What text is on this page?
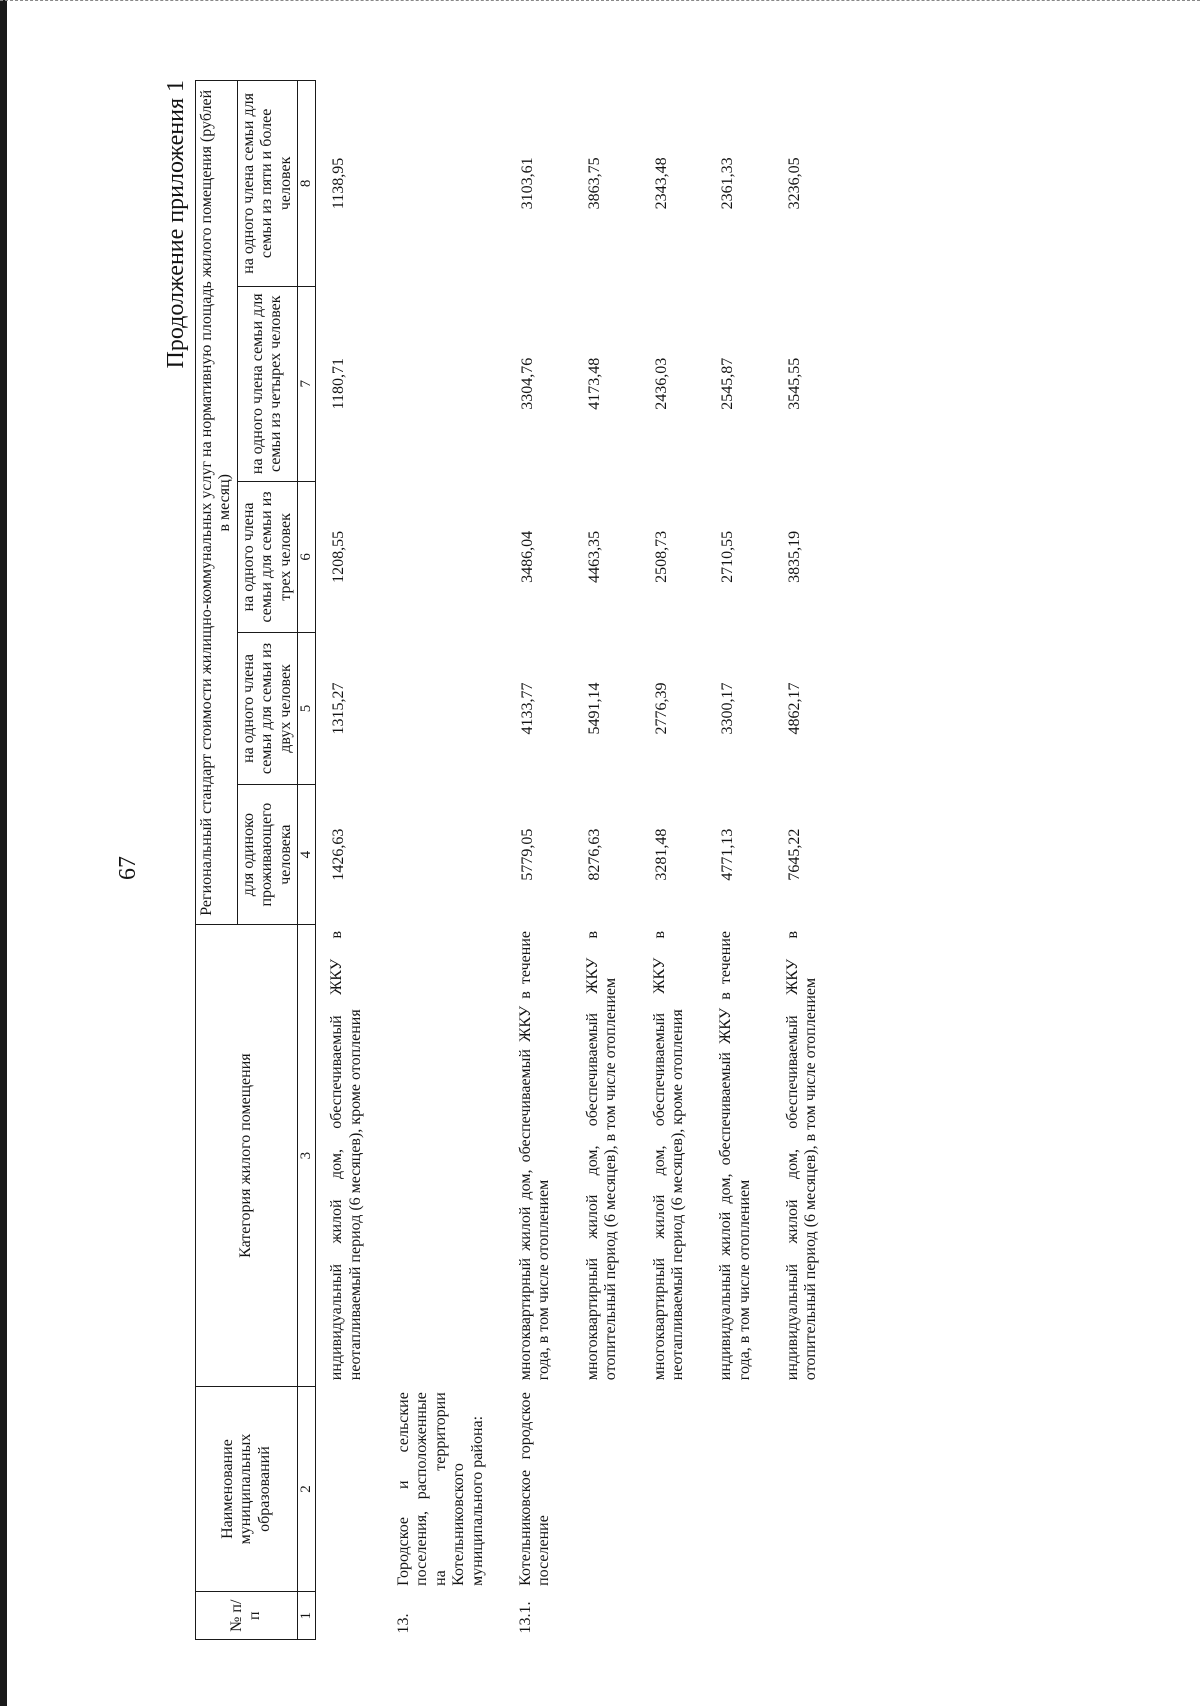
67
Продолжение приложения 1
№ п/п	Наименование муниципальных образований	Категория жилого помещения	Региональный стандарт стоимости жилищно-коммунальных услуг на нормативную площадь жилого помещения (рублей в месяц)				
			для одиноко проживающего человека	на одного члена семьи для семьи из двух человек	на одного члена семьи для семьи из трех человек	на одного члена семьи для семьи из четырех человек	на одного члена семьи для семьи из пяти и более человек
1	2	3	4	5	6	7	8
		индивидуальный жилой дом, обеспечиваемый ЖКУ в неотапливаемый период (6 месяцев), кроме отопления	1426,63	1315,27	1208,55	1180,71	1138,95
13.	Городское и сельские поселения, расположенные на территории Котельниковского муниципального района:						
13.1.	Котельниковское городское поселение	многоквартирный жилой дом, обеспечиваемый ЖКУ в течение года, в том числе отоплением	5779,05	4133,77	3486,04	3304,76	3103,61
		многоквартирный жилой дом, обеспечиваемый ЖКУ в отопительный период (6 месяцев), в том числе отоплением	8276,63	5491,14	4463,35	4173,48	3863,75
		многоквартирный жилой дом, обеспечиваемый ЖКУ в неотапливаемый период (6 месяцев), кроме отопления	3281,48	2776,39	2508,73	2436,03	2343,48
		индивидуальный жилой дом, обеспечиваемый ЖКУ в течение года, в том числе отоплением	4771,13	3300,17	2710,55	2545,87	2361,33
		индивидуальный жилой дом, обеспечиваемый ЖКУ в отопительный период (6 месяцев), в том числе отоплением	7645,22	4862,17	3835,19	3545,55	3236,05
